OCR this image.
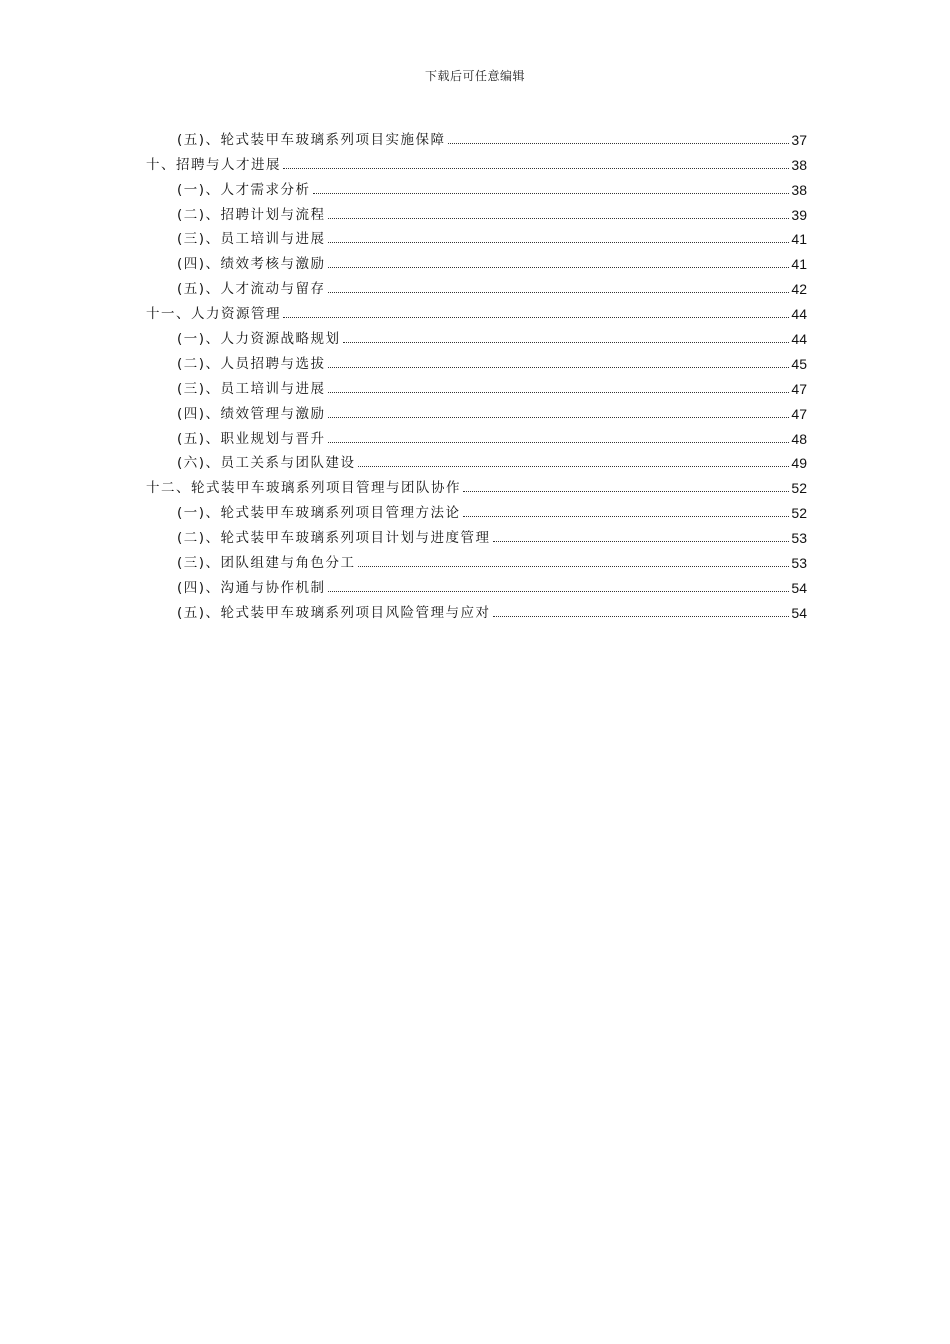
下载后可任意编辑
(五)、轮式装甲车玻璃系列项目实施保障	37
十、招聘与人才进展	38
(一)、人才需求分析	38
(二)、招聘计划与流程	39
(三)、员工培训与进展	41
(四)、绩效考核与激励	41
(五)、人才流动与留存	42
十一、人力资源管理	44
(一)、人力资源战略规划	44
(二)、人员招聘与选拔	45
(三)、员工培训与进展	47
(四)、绩效管理与激励	47
(五)、职业规划与晋升	48
(六)、员工关系与团队建设	49
十二、轮式装甲车玻璃系列项目管理与团队协作	52
(一)、轮式装甲车玻璃系列项目管理方法论	52
(二)、轮式装甲车玻璃系列项目计划与进度管理	53
(三)、团队组建与角色分工	53
(四)、沟通与协作机制	54
(五)、轮式装甲车玻璃系列项目风险管理与应对	54
